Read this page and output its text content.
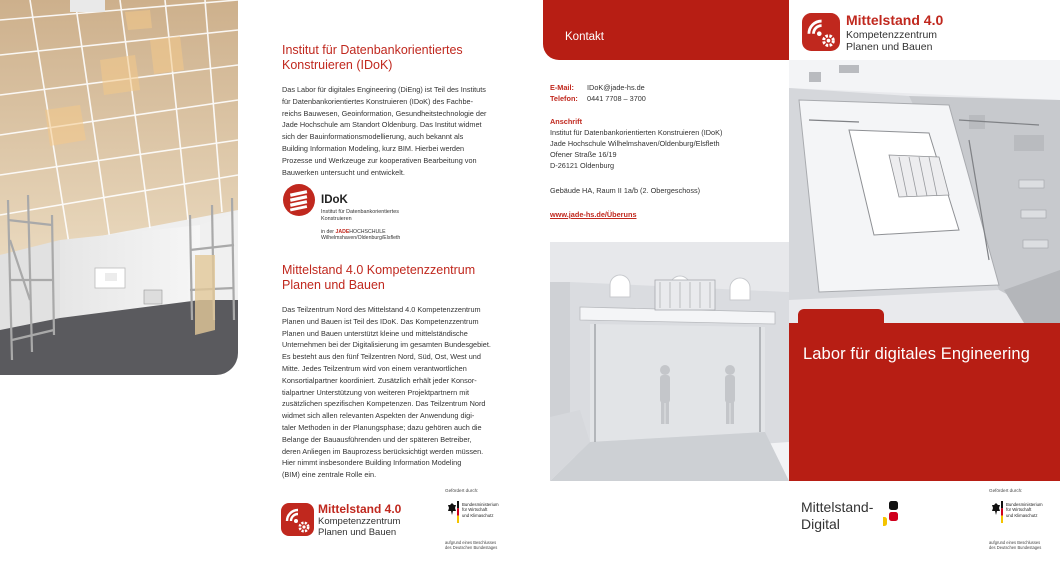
Institut für Datenbankorientiertes Konstruieren (IDoK)
Das Labor für digitales Engineering (DiEng) ist Teil des Instituts
für Datenbankorientiertes Konstruieren (IDoK) des Fachbe-
reichs Bauwesen, Geoinformation, Gesundheitstechnologie der
Jade Hochschule am Standort Oldenburg. Das Institut widmet
sich der Bauinformationsmodellierung, auch bekannt als
Building Information Modeling, kurz BIM. Hierbei werden
Prozesse und Werkzeuge zur kooperativen Bearbeitung von
Bauwerken untersucht und entwickelt.
IDoK
Institut für Datenbankorientiertes
Konstruieren
in der JADEHOCHSCHULE
Wilhelmshaven/Oldenburg/Elsfleth
Mittelstand 4.0 Kompetenzzentrum Planen und Bauen
Das Teilzentrum Nord des Mittelstand 4.0 Kompetenzzentrum
Planen und Bauen ist Teil des IDoK. Das Kompetenzzentrum
Planen und Bauen unterstützt kleine und mittelständische
Unternehmen bei der Digitalisierung im gesamten Bundesgebiet.
Es besteht aus den fünf Teilzentren Nord, Süd, Ost, West und
Mitte. Jedes Teilzentrum wird von einem verantwortlichen
Konsortialpartner koordiniert. Zusätzlich erhält jeder Konsor-
tialpartner Unterstützung von weiteren Projektpartnern mit
zusätzlichen spezifischen Kompetenzen. Das Teilzentrum Nord
widmet sich allen relevanten Aspekten der Anwendung digi-
taler Methoden in der Planungsphase; dazu gehören auch die
Belange der Bauausführenden und der späteren Betreiber,
deren Anliegen im Bauprozess berücksichtigt werden müssen.
Hier nimmt insbesondere Building Information Modeling
(BIM) eine zentrale Rolle ein.
Mittelstand 4.0
Kompetenzzentrum
Planen und Bauen
Gefördert durch:
Bundesministerium
für Wirtschaft
und Klimaschutz
aufgrund eines Beschlusses
des Deutschen Bundestages
Kontakt
E-Mail: IDoK@jade-hs.de
Telefon: 0441 7708 – 3700
Anschrift
Institut für Datenbankorientierten Konstruieren (IDoK)
Jade Hochschule Wilhelmshaven/Oldenburg/Elsfleth
Ofener Straße 16/19
D-26121 Oldenburg
Gebäude HA, Raum II 1a/b (2. Obergeschoss)
www.jade-hs.de/Überuns
Mittelstand 4.0
Kompetenzzentrum
Planen und Bauen
Labor für digitales Engineering
Mittelstand-
Digital
Gefördert durch:
Bundesministerium
für Wirtschaft
und Klimaschutz
aufgrund eines Beschlusses
des Deutschen Bundestages
